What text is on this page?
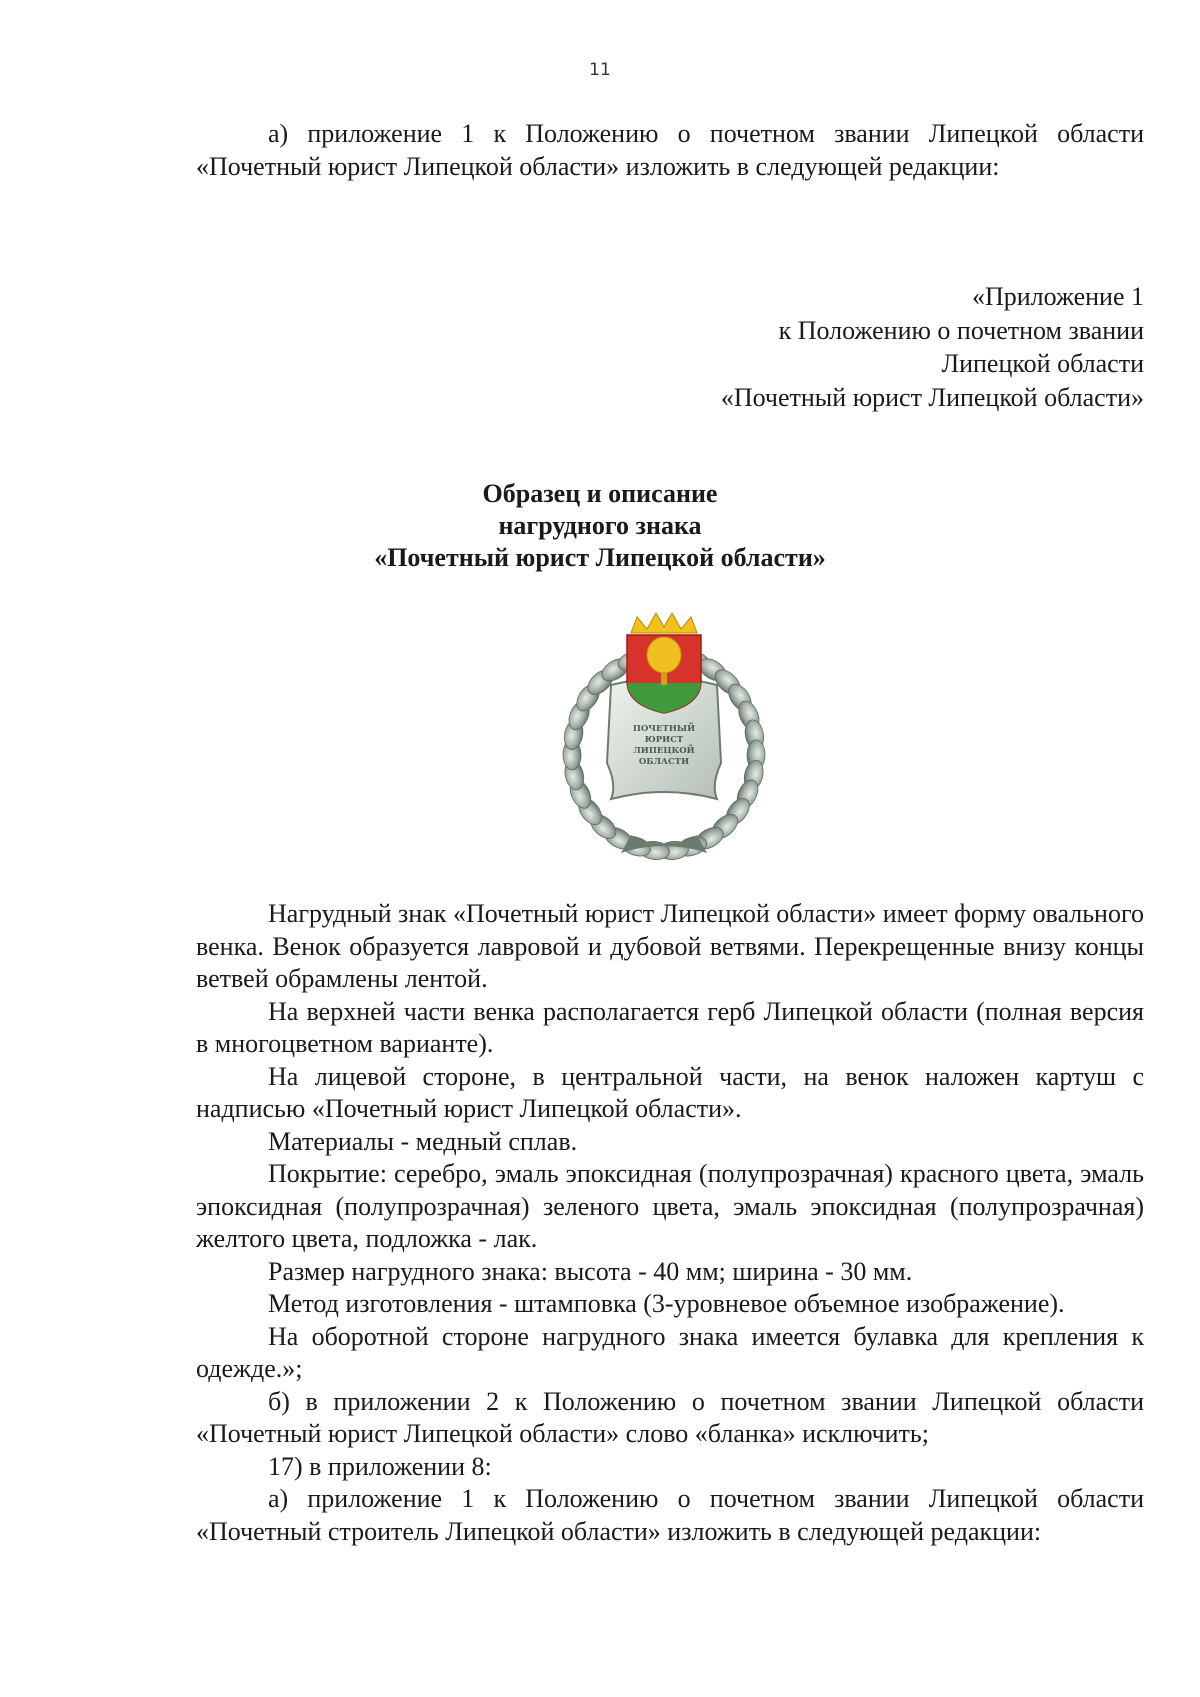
11

а) приложение 1 к Положению о почетном звании Липецкой области «Почетный юрист Липецкой области» изложить в следующей редакции:

«Приложение 1
к Положению о почетном звании
Липецкой области
«Почетный юрист Липецкой области»
Образец и описание
нагрудного знака
«Почетный юрист Липецкой области»
ПОЧЕТНЫЙ
ЮРИСТ
ЛИПЕЦКОЙ
ОБЛАСТИ

Нагрудный знак «Почетный юрист Липецкой области» имеет форму овального венка. Венок образуется лавровой и дубовой ветвями. Перекрещенные внизу концы ветвей обрамлены лентой.

На верхней части венка располагается герб Липецкой области (полная версия в многоцветном варианте).

На лицевой стороне, в центральной части, на венок наложен картуш с надписью «Почетный юрист Липецкой области».

Материалы - медный сплав.

Покрытие: серебро, эмаль эпоксидная (полупрозрачная) красного цвета, эмаль эпоксидная (полупрозрачная) зеленого цвета, эмаль эпоксидная (полупрозрачная) желтого цвета, подложка - лак.

Размер нагрудного знака: высота - 40 мм; ширина - 30 мм.

Метод изготовления - штамповка (3-уровневое объемное изображение).

На оборотной стороне нагрудного знака имеется булавка для крепления к одежде.»;

б) в приложении 2 к Положению о почетном звании Липецкой области «Почетный юрист Липецкой области» слово «бланка» исключить;

17) в приложении 8:

а) приложение 1 к Положению о почетном звании Липецкой области «Почетный строитель Липецкой области» изложить в следующей редакции:
